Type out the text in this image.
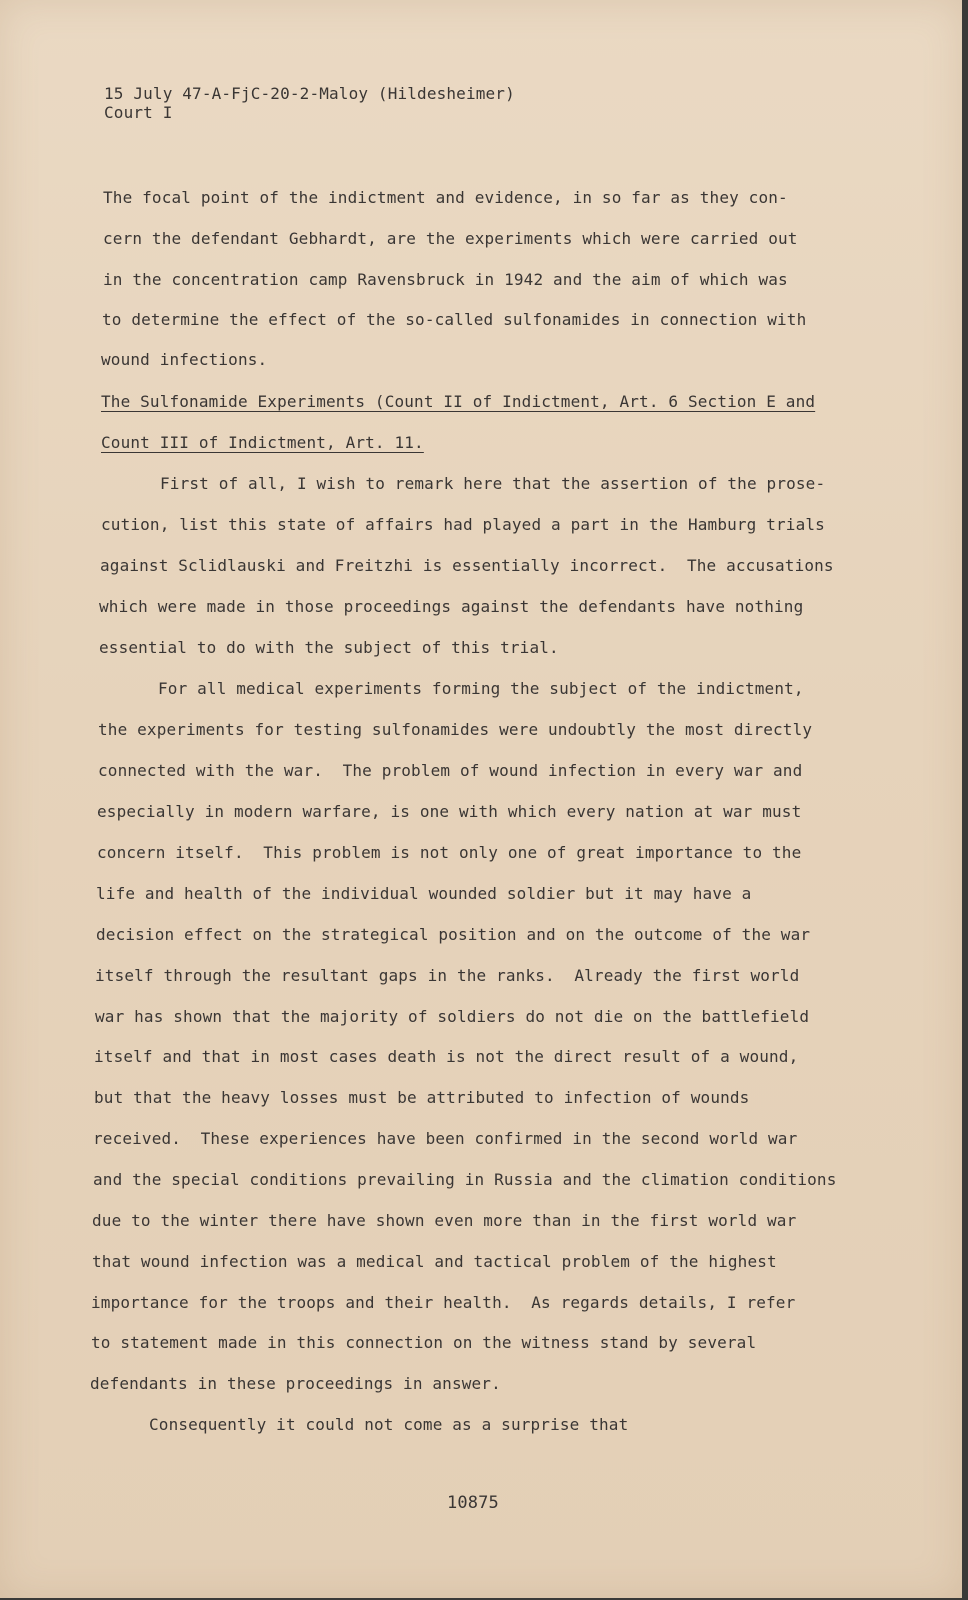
15 July 47-A-FjC-20-2-Maloy (Hildesheimer)
Court I
The focal point of the indictment and evidence, in so far as they con-
cern the defendant Gebhardt, are the experiments which were carried out
in the concentration camp Ravensbruck in 1942 and the aim of which was
to determine the effect of the so-called sulfonamides in connection with
wound infections.
The Sulfonamide Experiments (Count II of Indictment, Art. 6 Section E and
Count III of Indictment, Art. 11.
First of all, I wish to remark here that the assertion of the prose-
cution, list this state of affairs had played a part in the Hamburg trials
against Sclidlauski and Freitzhi is essentially incorrect.  The accusations
which were made in those proceedings against the defendants have nothing
essential to do with the subject of this trial.
For all medical experiments forming the subject of the indictment,
the experiments for testing sulfonamides were undoubtly the most directly
connected with the war.  The problem of wound infection in every war and
especially in modern warfare, is one with which every nation at war must
concern itself.  This problem is not only one of great importance to the
life and health of the individual wounded soldier but it may have a
decision effect on the strategical position and on the outcome of the war
itself through the resultant gaps in the ranks.  Already the first world
war has shown that the majority of soldiers do not die on the battlefield
itself and that in most cases death is not the direct result of a wound,
but that the heavy losses must be attributed to infection of wounds
received.  These experiences have been confirmed in the second world war
and the special conditions prevailing in Russia and the climation conditions
due to the winter there have shown even more than in the first world war
that wound infection was a medical and tactical problem of the highest
importance for the troops and their health.  As regards details, I refer
to statement made in this connection on the witness stand by several
defendants in these proceedings in answer.
Consequently it could not come as a surprise that
10875
